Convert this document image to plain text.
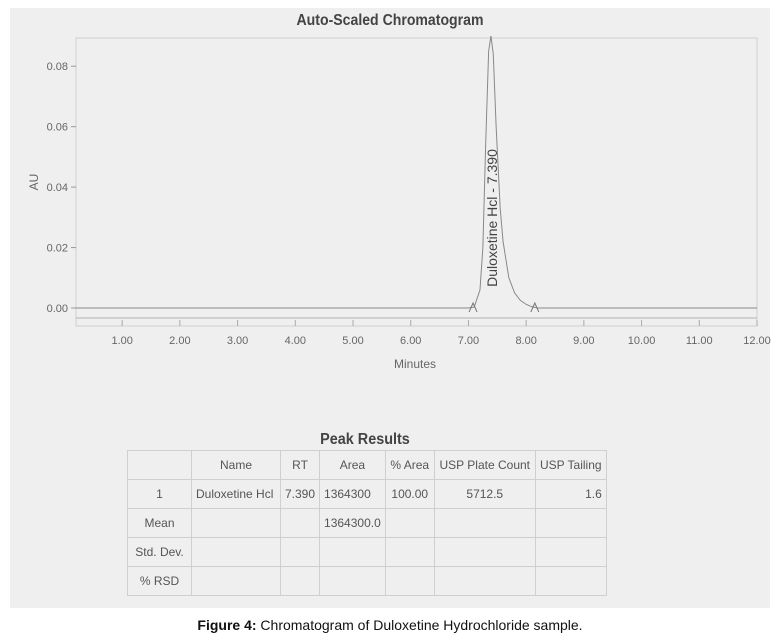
Auto-Scaled Chromatogram
AU
Minutes
0.00
0.02
0.04
0.06
0.08
1.00	2.00	3.00	4.00	5.00	6.00	7.00	8.00	9.00	10.00	11.00	12.00
Duloxetine Hcl - 7.390
Peak Results
	Name	RT	Area	% Area	USP Plate Count	USP Tailing
1	Duloxetine Hcl	7.390	1364300	100.00	5712.5	1.6
Mean			1364300.0			
Std. Dev.						
% RSD						
Figure 4: Chromatogram of Duloxetine Hydrochloride sample.
